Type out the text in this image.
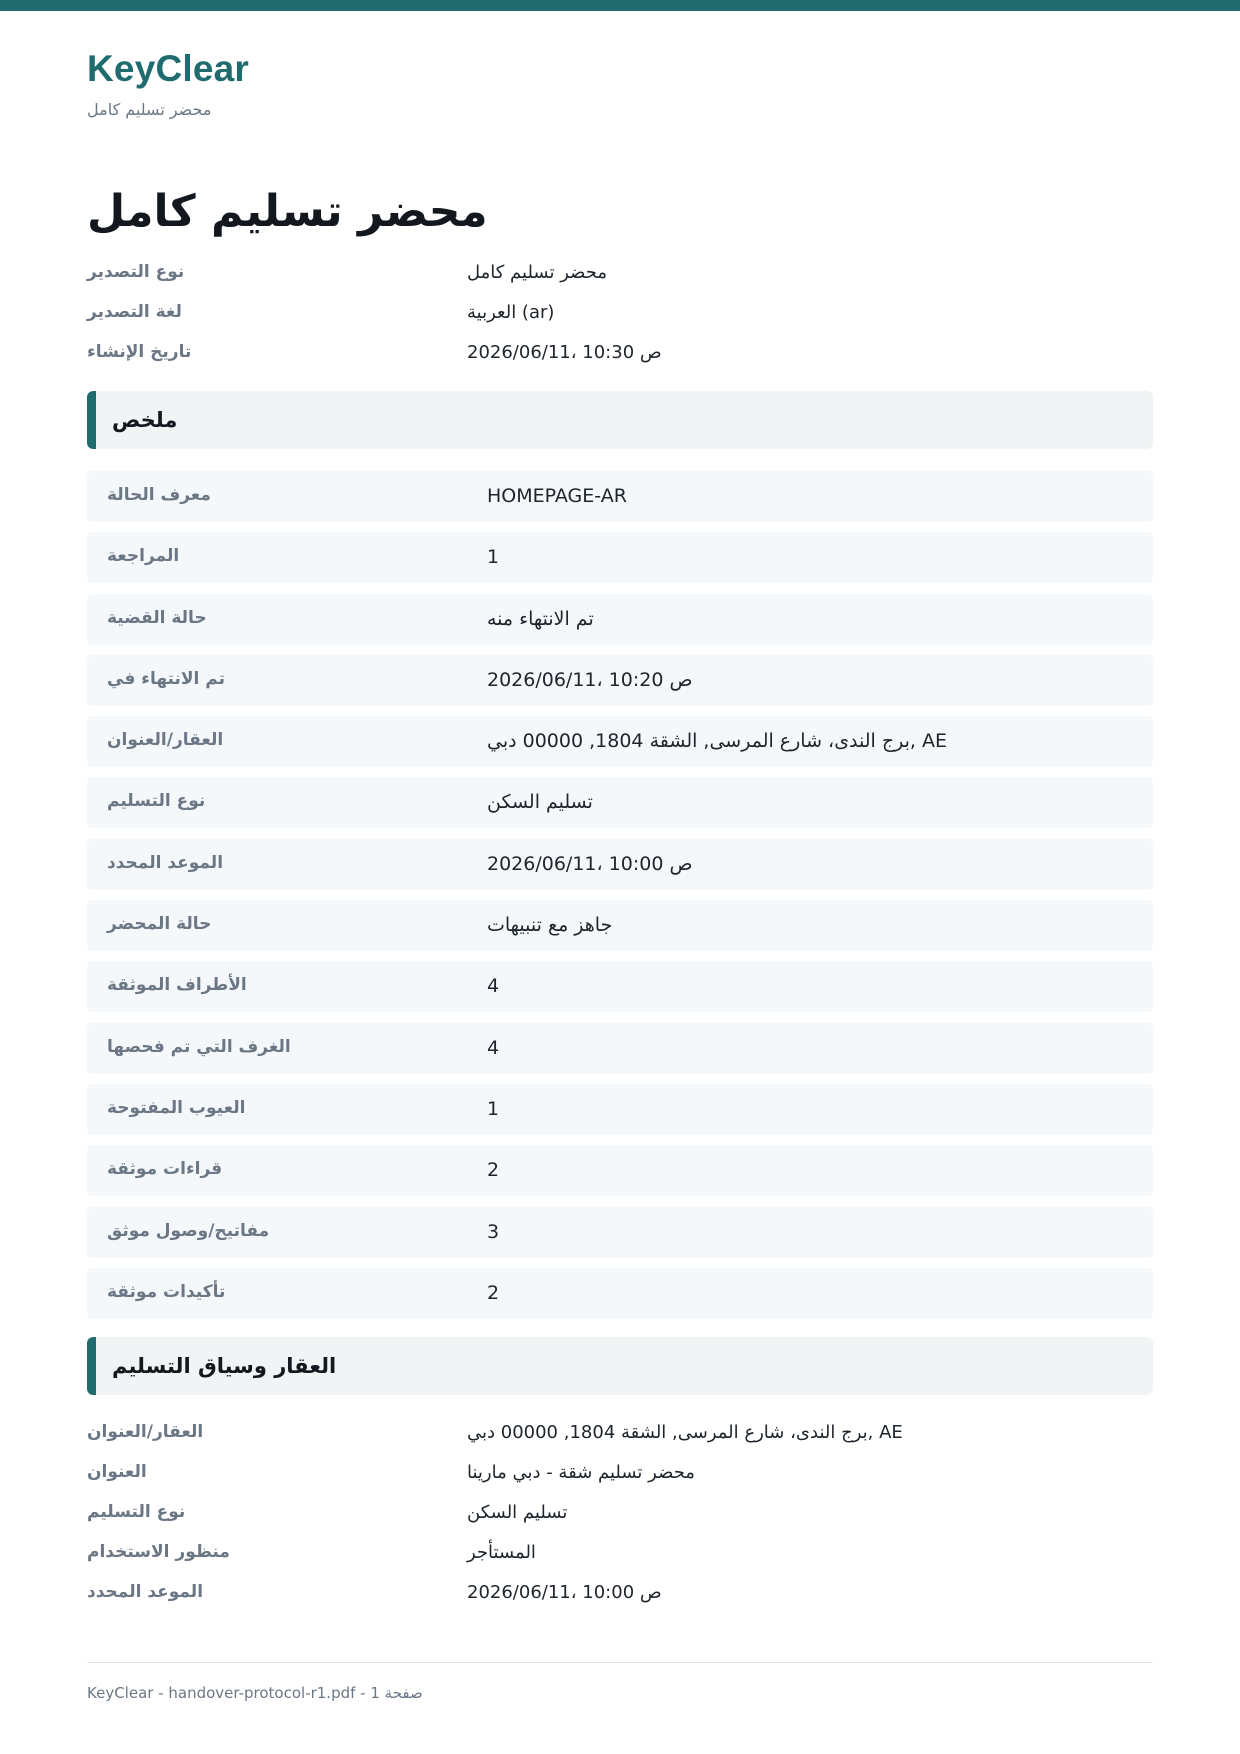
KeyClear
محضر تسليم كامل
محضر تسليم كامل
نوع التصدير	محضر تسليم كامل
لغة التصدير	العربية (ar)
تاريخ الإنشاء	2026/06/11، 10:30 ص
ملخص
معرف الحالة	HOMEPAGE-AR
المراجعة	1
حالة القضية	تم الانتهاء منه
تم الانتهاء في	2026/06/11، 10:20 ص
العقار/العنوان	برج الندى، شارع المرسى, الشقة 1804, 00000 دبي, AE
نوع التسليم	تسليم السكن
الموعد المحدد	2026/06/11، 10:00 ص
حالة المحضر	جاهز مع تنبيهات
الأطراف الموثقة	4
الغرف التي تم فحصها	4
العيوب المفتوحة	1
قراءات موثقة	2
مفاتيح/وصول موثق	3
تأكيدات موثقة	2
العقار وسياق التسليم
العقار/العنوان	برج الندى، شارع المرسى, الشقة 1804, 00000 دبي, AE
العنوان	محضر تسليم شقة - دبي مارينا
نوع التسليم	تسليم السكن
منظور الاستخدام	المستأجر
الموعد المحدد	2026/06/11، 10:00 ص
KeyClear - handover-protocol-r1.pdf - 1 صفحة
